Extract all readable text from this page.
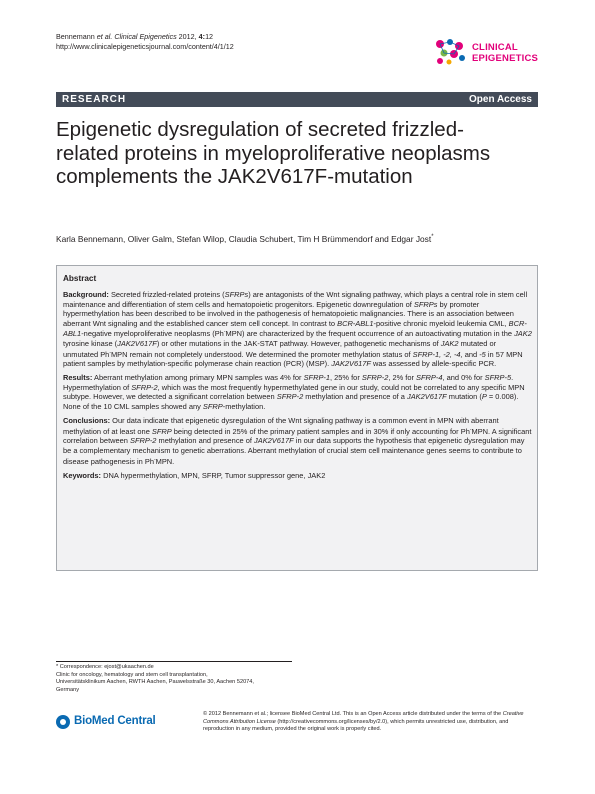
Bennemann et al. Clinical Epigenetics 2012, 4:12
http://www.clinicalepigeneticsjournal.com/content/4/1/12	CLINICAL
EPIGENETICS
RESEARCH	Open Access
Epigenetic dysregulation of secreted frizzled-related proteins in myeloproliferative neoplasms complements the JAK2V617F-mutation
Karla Bennemann, Oliver Galm, Stefan Wilop, Claudia Schubert, Tim H Brümmendorf and Edgar Jost*
Abstract

Background: Secreted frizzled-related proteins (SFRPs) are antagonists of the Wnt signaling pathway, which plays a central role in stem cell maintenance and differentiation of stem cells and hematopoietic progenitors. Epigenetic downregulation of SFRPs by promoter hypermethylation has been described to be involved in the pathogenesis of hematopoietic malignancies. There is an association between aberrant Wnt signaling and the established cancer stem cell concept. In contrast to BCR-ABL1-positive chronic myeloid leukemia CML, BCR-ABL1-negative myeloproliferative neoplasms (Ph-MPN) are characterized by the frequent occurrence of an autoactivating mutation in the JAK2 tyrosine kinase (JAK2V617F) or other mutations in the JAK-STAT pathway. However, pathogenetic mechanisms of JAK2 mutated or unmutated Ph-MPN remain not completely understood. We determined the promoter methylation status of SFRP-1, -2, -4, and -5 in 57 MPN patient samples by methylation-specific polymerase chain reaction (PCR) (MSP). JAK2V617F was assessed by allele-specific PCR.

Results: Aberrant methylation among primary MPN samples was 4% for SFRP-1, 25% for SFRP-2, 2% for SFRP-4, and 0% for SFRP-5. Hypermethylation of SFRP-2, which was the most frequently hypermethylated gene in our study, could not be correlated to any specific MPN subtype. However, we detected a significant correlation between SFRP-2 methylation and presence of a JAK2V617F mutation (P = 0.008). None of the 10 CML samples showed any SFRP-methylation.

Conclusions: Our data indicate that epigenetic dysregulation of the Wnt signaling pathway is a common event in MPN with aberrant methylation of at least one SFRP being detected in 25% of the primary patient samples and in 30% if only accounting for Ph-MPN. A significant correlation between SFRP-2 methylation and presence of JAK2V617F in our data supports the hypothesis that epigenetic dysregulation may be a complementary mechanism to genetic aberrations. Aberrant methylation of crucial stem cell maintenance genes seems to contribute to disease pathogenesis in Ph-MPN.

Keywords: DNA hypermethylation, MPN, SFRP, Tumor suppressor gene, JAK2

* Correspondence: ejost@ukaachen.de
Clinic for oncology, hematology and stem cell transplantation,
Universitätsklinikum Aachen, RWTH Aachen, Pauwelsstraße 30, Aachen 52074,
Germany
BioMed Central
© 2012 Bennemann et al.; licensee BioMed Central Ltd. This is an Open Access article distributed under the terms of the Creative Commons Attribution License (http://creativecommons.org/licenses/by/2.0), which permits unrestricted use, distribution, and reproduction in any medium, provided the original work is properly cited.
